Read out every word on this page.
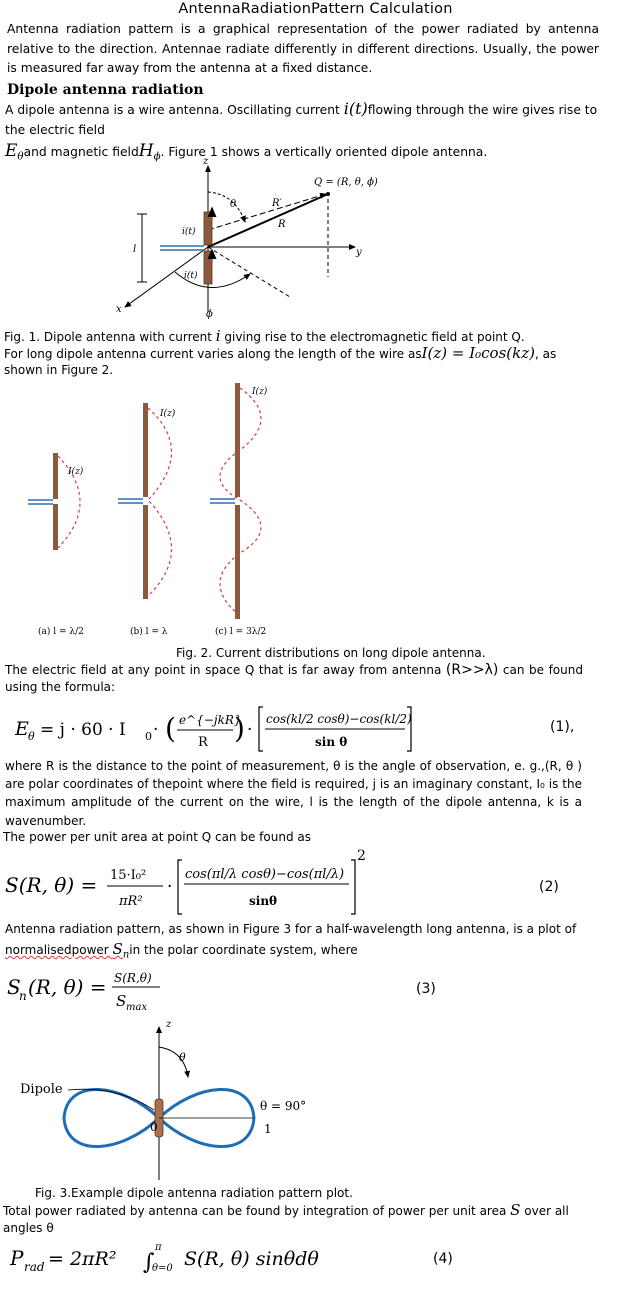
AntennaRadiationPattern Calculation
Antenna radiation pattern is a graphical representation of the power radiated by antenna relative to the direction. Antennae radiate differently in different directions. Usually, the power is measured far away from the antenna at a fixed distance.
Dipole antenna radiation
A dipole antenna is a wire antenna. Oscillating current i(t)flowing through the wire gives rise to the electric field
$E_\theta and$ magnetic fieldH$_\phi$. Figure 1 shows a vertically oriented dipole antenna.
z
y
x
R′
R
Q = (R, θ, ϕ)
θ
ϕ
i(t)
i(t)
l
Fig. 1. Dipole antenna with current i giving rise to the electromagnetic field at point Q.
For long dipole antenna current varies along the length of the wire asI(z) = I₀cos(kz), as
shown in Figure 2.
I(z)
I(z)
I(z)
(a) l = λ/2	(b) l = λ	(c) l = 3λ/2
Fig. 2. Current distributions on long dipole antenna.
The electric field at any point in space Q that is far away from antenna (R>>λ) can be found using the formula:
E θ = j · 60 · I 0 · ( e^{−jkR}
R ) ·
cos(kl/2 cosθ)−cos(kl/2)
sin θ
(1),
where R is the distance to the point of measurement, θ is the angle of observation, e. g.,(R, θ ) are polar coordinates of thepoint where the field is required, j is an imaginary constant, I₀ is the maximum amplitude of the current on the wire, l is the length of the dipole antenna, k is a wavenumber.
The power per unit area at point Q can be found as
S(R, θ) = 15·I₀²
πR²
·
cos(πl/λ cosθ)−cos(πl/λ)
sinθ
2
(2)
Antenna radiation pattern, as shown in Figure 3 for a half-wavelength long antenna, is a plot of
normalisedpower $S_nin$ the polar coordinate system, where
S
n (R, θ) = S(R,θ)
S max
(3)
z
θ
0	1
θ = 90°
Dipole
Fig. 3.Example dipole antenna radiation pattern plot.
Total power radiated by antenna can be found by integration of power per unit area S over all
angles θ
P rad = 2πR² ∫
π
θ=0 S(R, θ) sinθdθ	(4)
